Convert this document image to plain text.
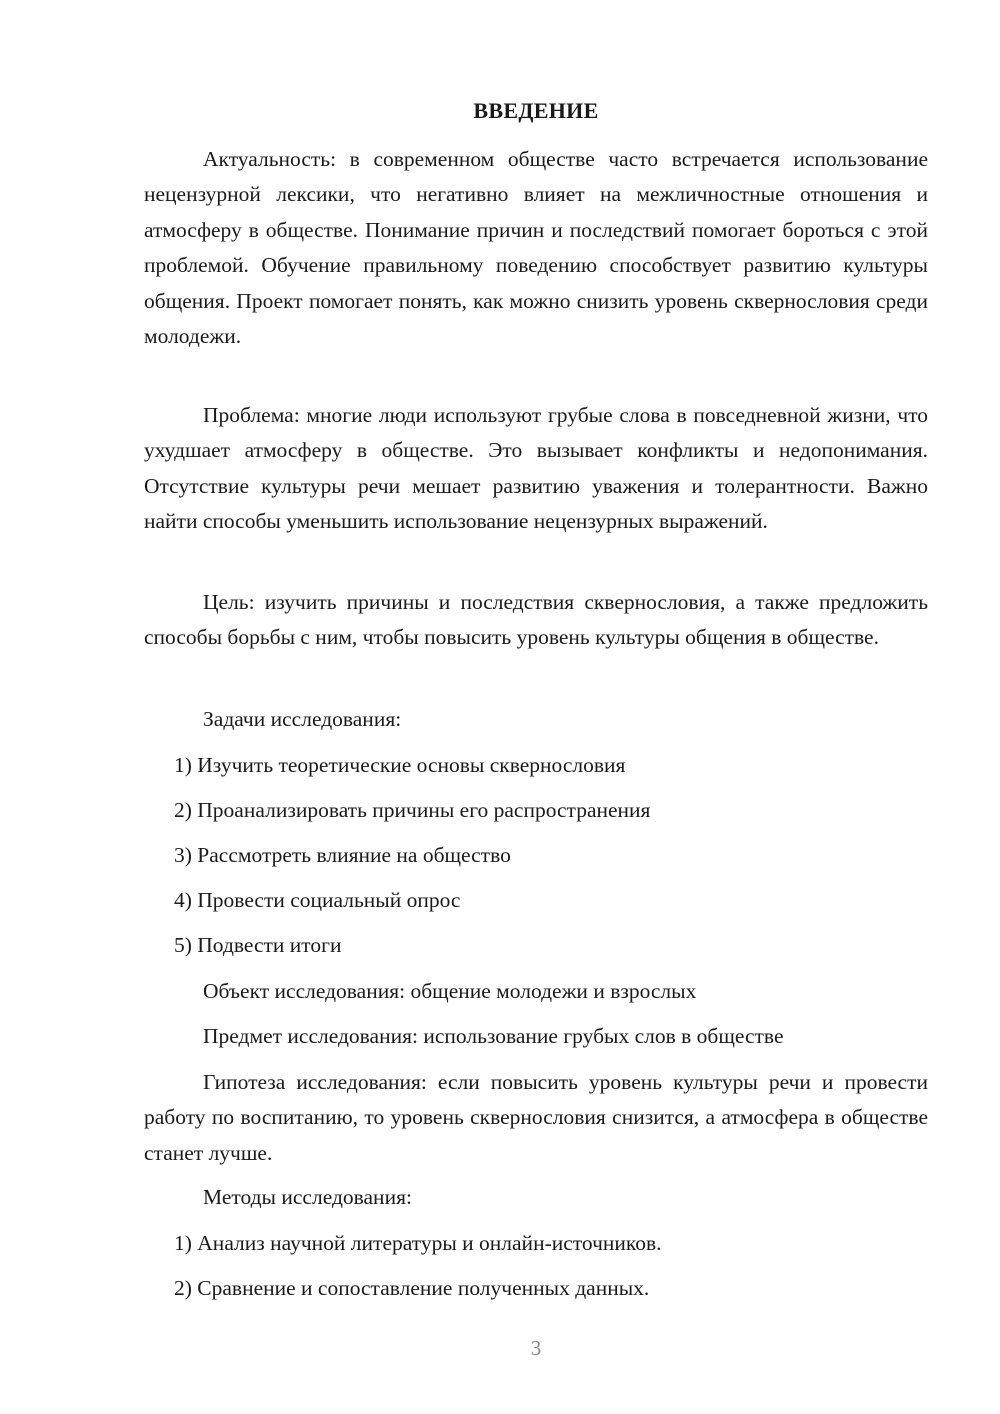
ВВЕДЕНИЕ

Актуальность: в современном обществе часто встречается использование нецензурной лексики, что негативно влияет на межличностные отношения и атмосферу в обществе. Понимание причин и последствий помогает бороться с этой проблемой. Обучение правильному поведению способствует развитию культуры общения. Проект помогает понять, как можно снизить уровень сквернословия среди молодежи.

Проблема: многие люди используют грубые слова в повседневной жизни, что ухудшает атмосферу в обществе. Это вызывает конфликты и недопонимания. Отсутствие культуры речи мешает развитию уважения и толерантности. Важно найти способы уменьшить использование нецензурных выражений.

Цель: изучить причины и последствия сквернословия, а также предложить способы борьбы с ним, чтобы повысить уровень культуры общения в обществе.

Задачи исследования:
1) Изучить теоретические основы сквернословия
2) Проанализировать причины его распространения
3) Рассмотреть влияние на общество
4) Провести социальный опрос
5) Подвести итоги
Объект исследования: общение молодежи и взрослых
Предмет исследования: использование грубых слов в обществе

Гипотеза исследования: если повысить уровень культуры речи и провести работу по воспитанию, то уровень сквернословия снизится, а атмосфера в обществе станет лучше.

Методы исследования:
1) Анализ научной литературы и онлайн-источников.
2) Сравнение и сопоставление полученных данных.
3
